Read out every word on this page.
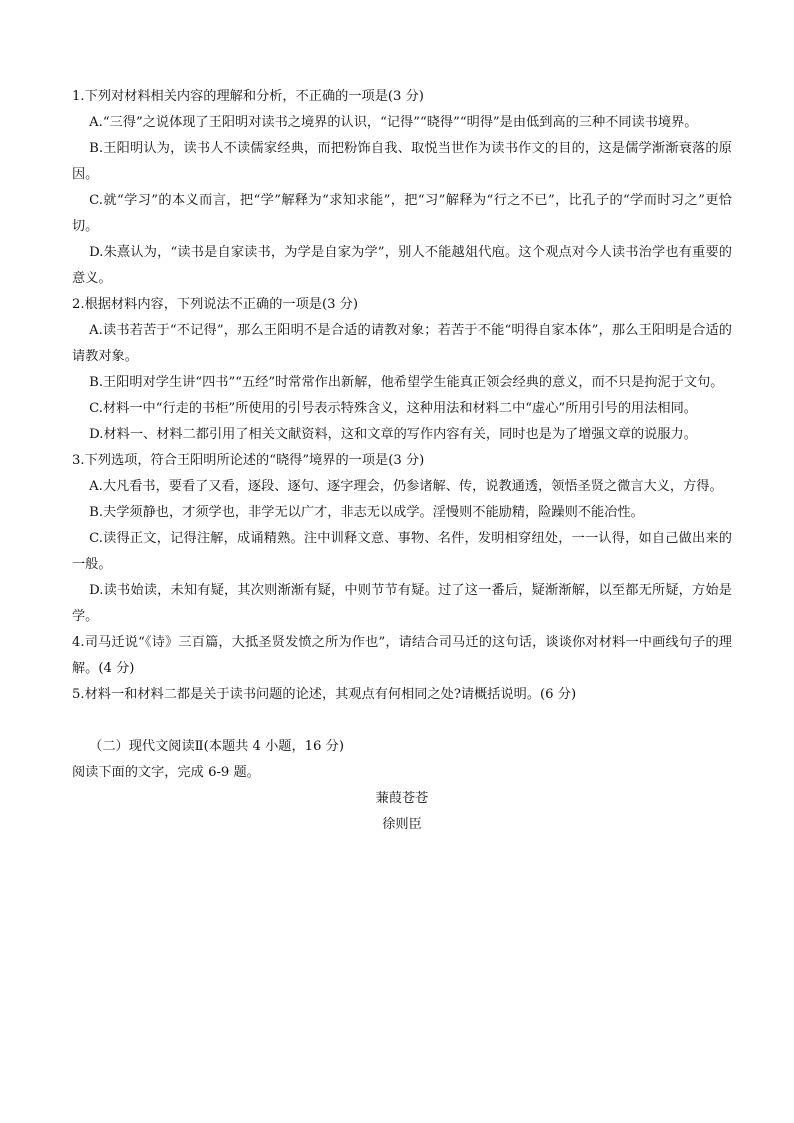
1.下列对材料相关内容的理解和分析，不正确的一项是(3 分)

A.“三得”之说体现了王阳明对读书之境界的认识，“记得”“晓得”“明得”是由低到高的三种不同读书境界。

B.王阳明认为，读书人不读儒家经典，而把粉饰自我、取悦当世作为读书作文的目的，这是儒学渐渐衰落的原因。

C.就“学习”的本义而言，把“学”解释为“求知求能”，把“习”解释为“行之不已”，比孔子的“学而时习之”更恰切。

D.朱熹认为，“读书是自家读书，为学是自家为学”，别人不能越俎代庖。这个观点对今人读书治学也有重要的意义。

2.根据材料内容，下列说法不正确的一项是(3 分)

A.读书若苦于“不记得”，那么王阳明不是合适的请教对象；若苦于不能“明得自家本体”，那么王阳明是合适的请教对象。

B.王阳明对学生讲“四书”“五经”时常常作出新解，他希望学生能真正领会经典的意义，而不只是拘泥于文句。

C.材料一中“行走的书柜”所使用的引号表示特殊含义，这种用法和材料二中“虚心”所用引号的用法相同。

D.材料一、材料二都引用了相关文献资料，这和文章的写作内容有关，同时也是为了增强文章的说服力。

3.下列选项，符合王阳明所论述的“晓得”境界的一项是(3 分)

A.大凡看书，要看了又看，逐段、逐句、逐字理会，仍参诸解、传，说教通透，领悟圣贤之微言大义，方得。

B.夫学须静也，才须学也，非学无以广才，非志无以成学。淫慢则不能励精，险躁则不能冶性。

C.读得正文，记得注解，成诵精熟。注中训释文意、事物、名件，发明相穿纽处，一一认得，如自己做出来的一般。

D.读书始读，未知有疑，其次则渐渐有疑，中则节节有疑。过了这一番后，疑渐渐解，以至都无所疑，方始是学。

4.司马迁说“《诗》三百篇，大抵圣贤发愤之所为作也”，请结合司马迁的这句话，谈谈你对材料一中画线句子的理解。(4 分)

5.材料一和材料二都是关于读书问题的论述，其观点有何相同之处?请概括说明。(6 分)

（二）现代文阅读Ⅱ(本题共 4 小题，16 分)

阅读下面的文字，完成 6-9 题。

蒹葭苍苍

徐则臣
